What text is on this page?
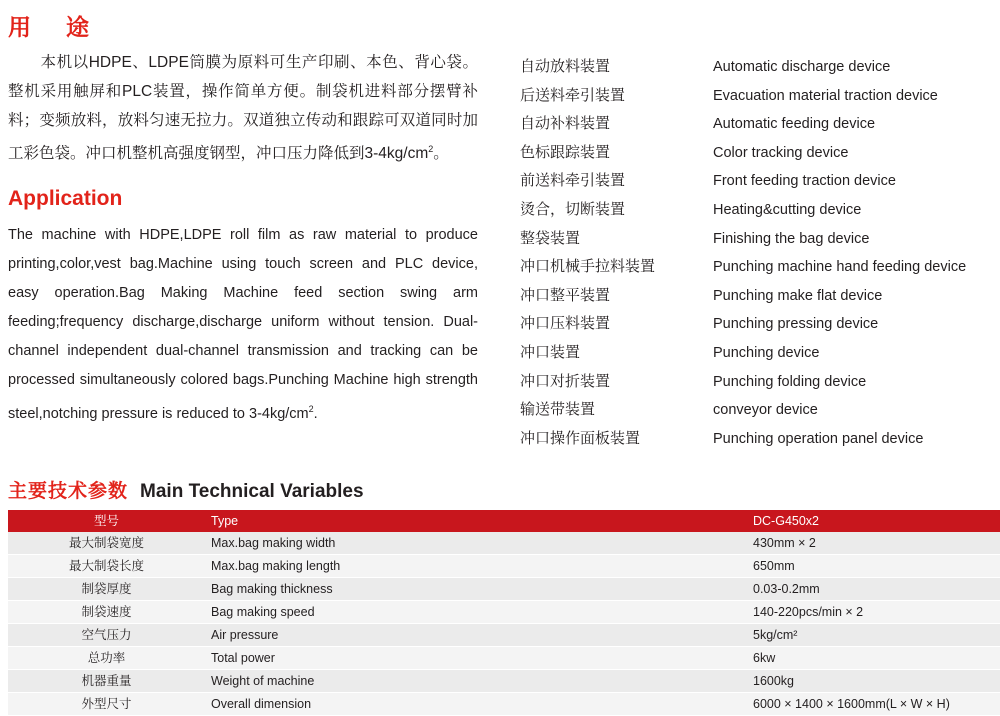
用　途

本机以HDPE、LDPE筒膜为原料可生产印刷、本色、背心袋。整机采用触屏和PLC装置，操作简单方便。制袋机进料部分摆臂补料；变频放料，放料匀速无拉力。双道独立传动和跟踪可双道同时加工彩色袋。冲口机整机高强度钢型，冲口压力降低到$3-4kg/cm^2$。

Application

The machine with HDPE,LDPE roll film as raw material to produce printing,color,vest bag.Machine using touch screen and PLC device, easy operation.Bag Making Machine feed section swing arm feeding;frequency discharge,discharge uniform without tension. Dual-channel independent dual-channel transmission and tracking can be processed simultaneously colored bags.Punching Machine high strength steel,notching pressure is reduced to $3-4kg/cm^2$.

自动放料装置	Automatic discharge device
后送料牵引装置	Evacuation material traction device
自动补料装置	Automatic feeding device
色标跟踪装置	Color tracking device
前送料牵引装置	Front feeding traction device
烫合，切断装置	Heating&cutting device
整袋装置	Finishing the bag device
冲口机械手拉料装置	Punching machine hand feeding device
冲口整平装置	Punching make flat device
冲口压料装置	Punching pressing device
冲口装置	Punching device
冲口对折装置	Punching folding device
输送带装置	conveyor device
冲口操作面板装置	Punching operation panel device
主要技术参数 Main Technical Variables
型号	Type	DC-G450x2
最大制袋宽度	Max.bag making width	430mm × 2
最大制袋长度	Max.bag making length	650mm
制袋厚度	Bag making thickness	0.03-0.2mm
制袋速度	Bag making speed	140-220pcs/min × 2
空气压力	Air pressure	5kg/cm²
总功率	Total power	6kw
机器重量	Weight of machine	1600kg
外型尺寸	Overall dimension	6000 × 1400 × 1600mm(L × W × H)
